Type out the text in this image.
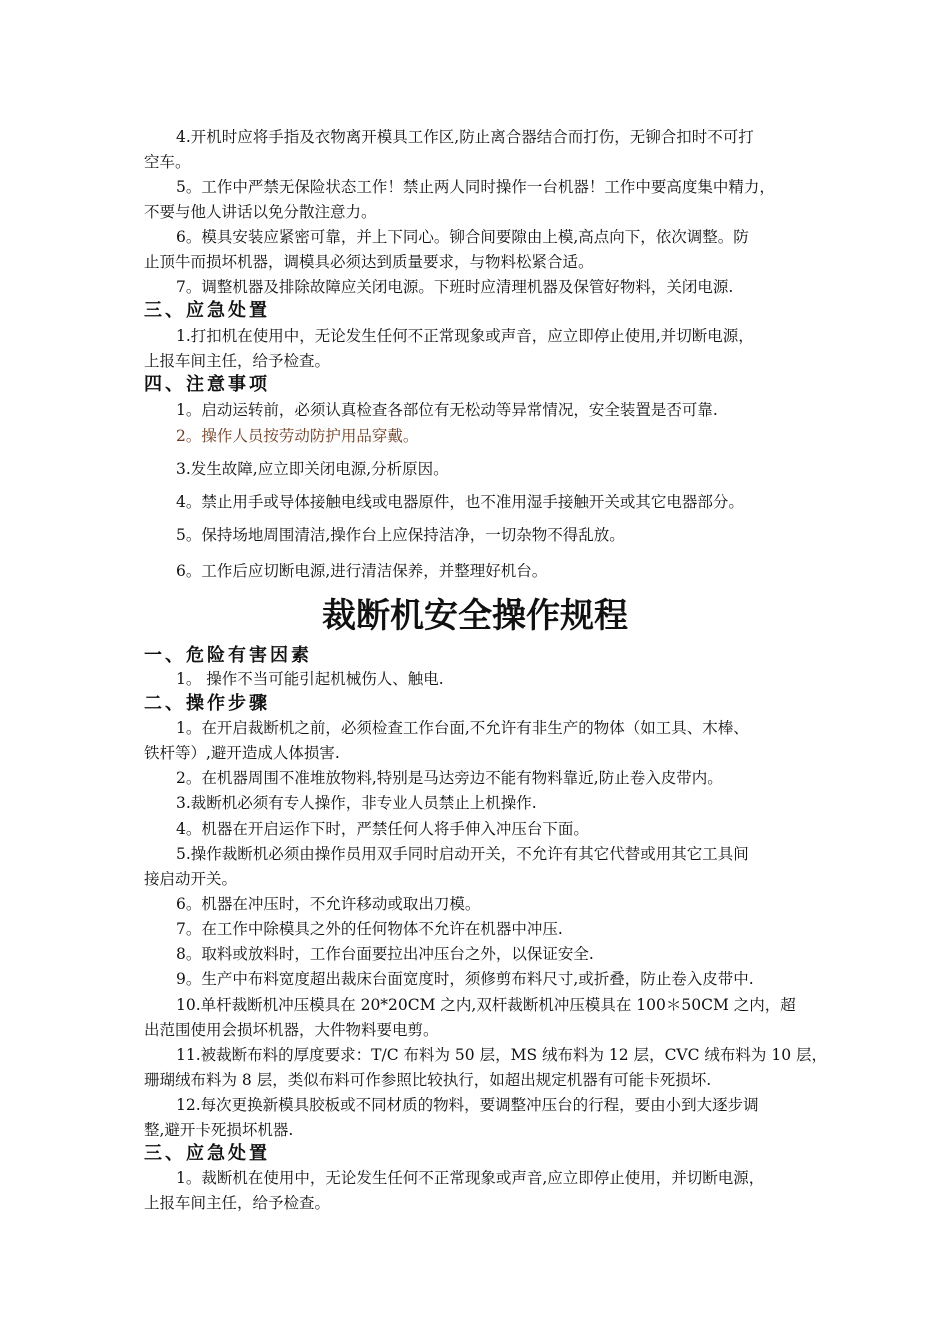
4.开机时应将手指及衣物离开模具工作区,防止离合器结合而打伤，无铆合扣时不可打
空车。
5。工作中严禁无保险状态工作！禁止两人同时操作一台机器！工作中要高度集中精力，
不要与他人讲话以免分散注意力。
6。模具安装应紧密可靠，并上下同心。铆合间要隙由上模,高点向下，依次调整。防
止顶牛而损坏机器，调模具必须达到质量要求，与物料松紧合适。
7。调整机器及排除故障应关闭电源。下班时应清理机器及保管好物料，关闭电源.
三、应急处置
1.打扣机在使用中，无论发生任何不正常现象或声音，应立即停止使用,并切断电源，
上报车间主任，给予检查。
四、注意事项
1。启动运转前，必须认真检查各部位有无松动等异常情况，安全装置是否可靠.
2。操作人员按劳动防护用品穿戴。
3.发生故障,应立即关闭电源,分析原因。
4。禁止用手或导体接触电线或电器原件，也不准用湿手接触开关或其它电器部分。
5。保持场地周围清洁,操作台上应保持洁净，一切杂物不得乱放。
6。工作后应切断电源,进行清洁保养，并整理好机台。
裁断机安全操作规程
一、危险有害因素
1。 操作不当可能引起机械伤人、触电.
二、操作步骤
1。在开启裁断机之前，必须检查工作台面,不允许有非生产的物体（如工具、木棒、
铁杆等）,避开造成人体损害.
2。在机器周围不准堆放物料,特别是马达旁边不能有物料靠近,防止卷入皮带内。
3.裁断机必须有专人操作，非专业人员禁止上机操作.
4。机器在开启运作下时，严禁任何人将手伸入冲压台下面。
5.操作裁断机必须由操作员用双手同时启动开关，不允许有其它代替或用其它工具间
接启动开关。
6。机器在冲压时，不允许移动或取出刀模。
7。在工作中除模具之外的任何物体不允许在机器中冲压.
8。取料或放料时，工作台面要拉出冲压台之外，以保证安全.
9。生产中布料宽度超出裁床台面宽度时，须修剪布料尺寸,或折叠，防止卷入皮带中.
10.单杆裁断机冲压模具在 20*20CM 之内,双杆裁断机冲压模具在 100＊50CM 之内，超
出范围使用会损坏机器，大件物料要电剪。
11.被裁断布料的厚度要求：T/C 布料为 50 层，MS 绒布料为 12 层，CVC 绒布料为 10 层，
珊瑚绒布料为 8 层，类似布料可作参照比较执行，如超出规定机器有可能卡死损坏.
12.每次更换新模具胶板或不同材质的物料，要调整冲压台的行程，要由小到大逐步调
整,避开卡死损坏机器.
三、应急处置
1。裁断机在使用中，无论发生任何不正常现象或声音,应立即停止使用，并切断电源，
上报车间主任，给予检查。
